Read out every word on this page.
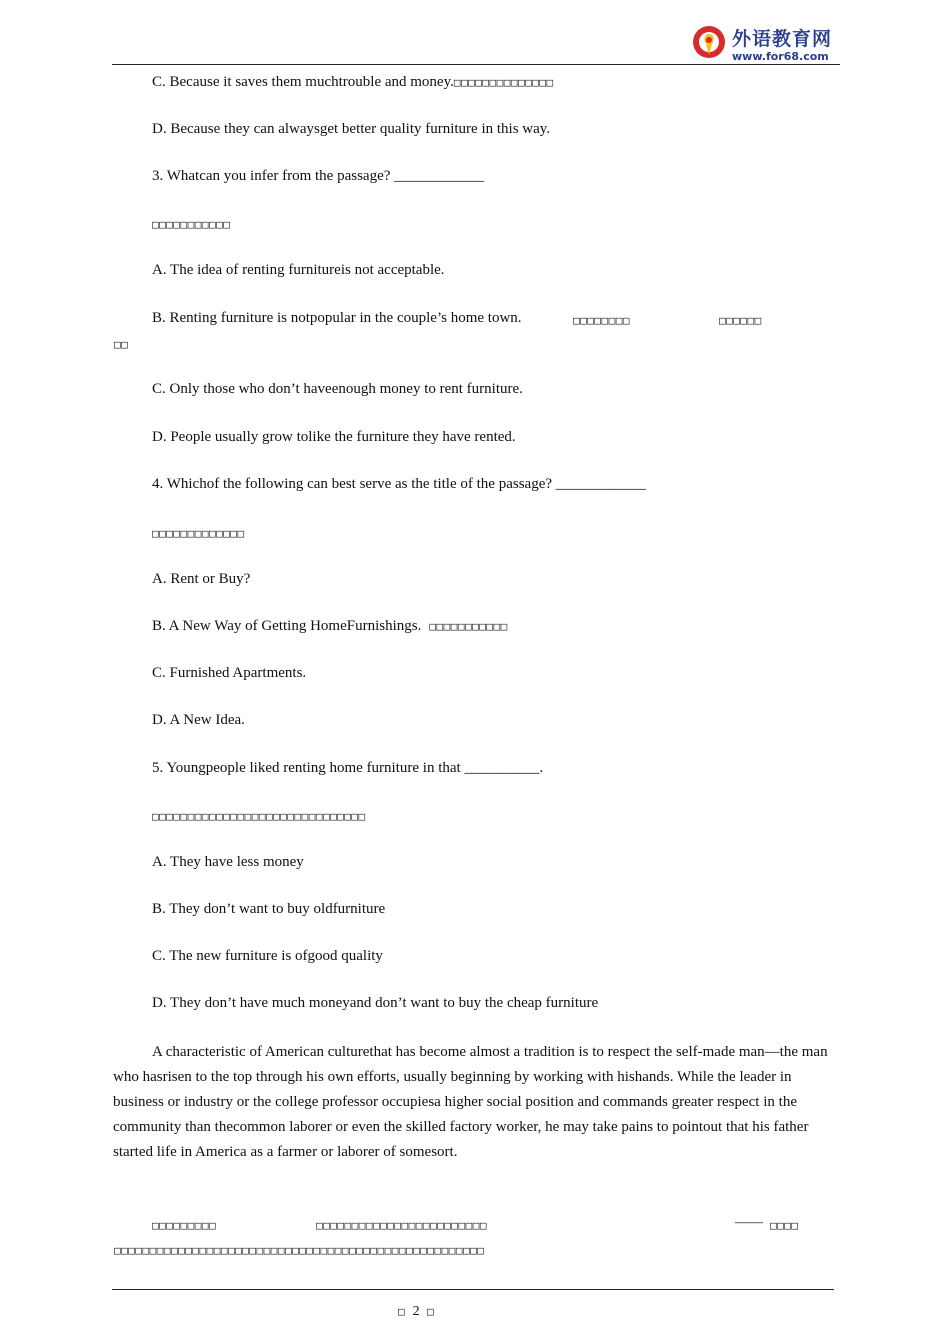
外语教育网
www.for68.com
C. Because it saves them muchtrouble and money.□□□□□□□□□□□□□□
D. Because they can alwaysget better quality furniture in this way.
3. Whatcan you infer from the passage? ____________
□□□□□□□□□□□
A. The idea of renting furnitureis not acceptable.
B. Renting furniture is notpopular in the couple’s home town.	□□□□□□□□	□□□□□□
□□
C. Only those who don’t haveenough money to rent furniture.
D. People usually grow tolike the furniture they have rented.
4. Whichof the following can best serve as the title of the passage? ____________
□□□□□□□□□□□□□
A. Rent or Buy?
B. A New Way of Getting HomeFurnishings. □□□□□□□□□□□
C. Furnished Apartments.
D. A New Idea.
5. Youngpeople liked renting home furniture in that __________.
□□□□□□□□□□□□□□□□□□□□□□□□□□□□□□
A. They have less money
B. They don’t want to buy oldfurniture
C. The new furniture is ofgood quality
D. They don’t have much moneyand don’t want to buy the cheap furniture

A characteristic of American culturethat has become almost a tradition is to respect the self-made man—the man who hasrisen to the top through his own efforts, usually beginning by working with hishands. While the leader in business or industry or the college professor occupiesa higher social position and commands greater respect in the community than thecommon laborer or even the skilled factory worker, he may take pains to pointout that his father started life in America as a farmer or laborer of somesort.

□□□□□□□□□	□□□□□□□□□□□□□□□□□□□□□□□□	—— □□□□
□□□□□□□□□□□□□□□□□□□□□□□□□□□□□□□□□□□□□□□□□□□□□□□□□□□□
□ 2 □
